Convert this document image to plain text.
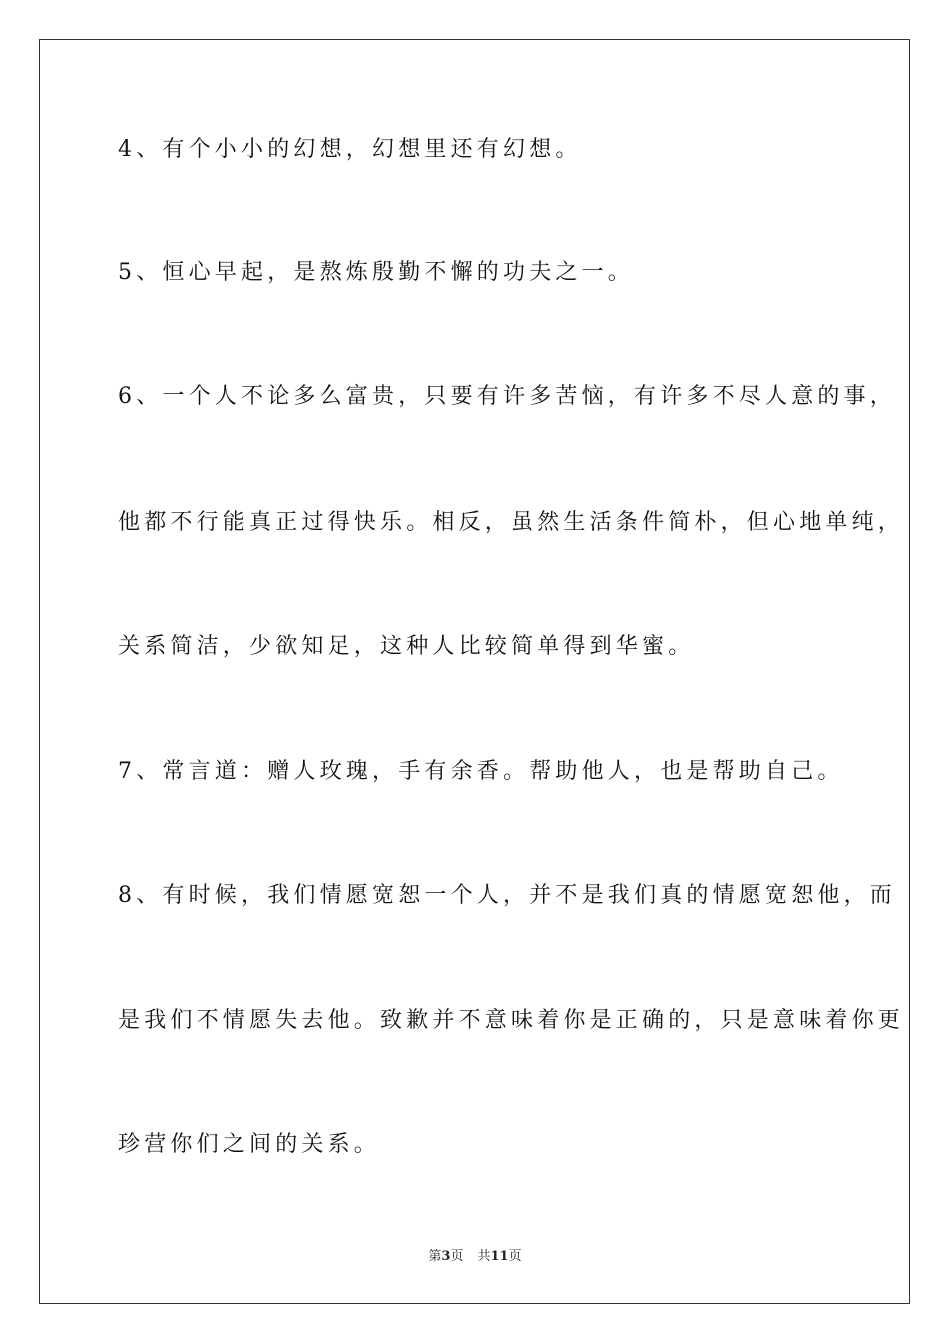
4、有个小小的幻想，幻想里还有幻想。
5、恒心早起，是熬炼殷勤不懈的功夫之一。
6、一个人不论多么富贵，只要有许多苦恼，有许多不尽人意的事，
他都不行能真正过得快乐。相反，虽然生活条件简朴，但心地单纯，
关系简洁，少欲知足，这种人比较简单得到华蜜。
7、常言道：赠人玫瑰，手有余香。帮助他人，也是帮助自己。
8、有时候，我们情愿宽恕一个人，并不是我们真的情愿宽恕他，而
是我们不情愿失去他。致歉并不意味着你是正确的，只是意味着你更
珍营你们之间的关系。
第3页 共11页
